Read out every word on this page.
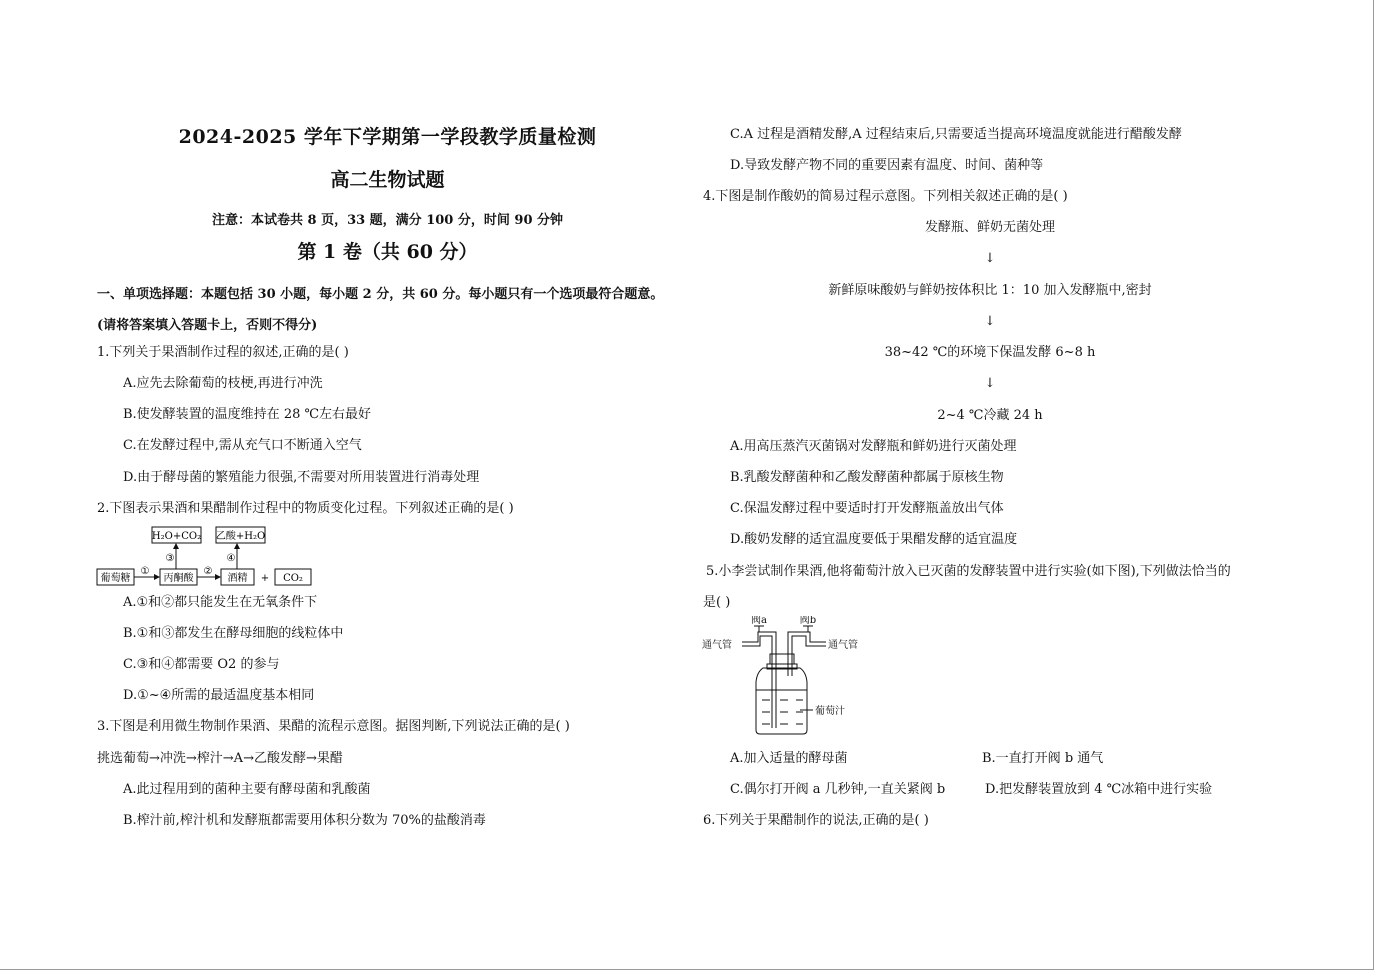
2024-2025 学年下学期第一学段教学质量检测
高二生物试题
注意：本试卷共 8 页，33 题，满分 100 分，时间 90 分钟
第 1 卷（共 60 分）
一、单项选择题：本题包括 30 小题，每小题 2 分，共 60 分。每小题只有一个选项最符合题意。
(请将答案填入答题卡上，否则不得分)
1.下列关于果酒制作过程的叙述,正确的是( )
A.应先去除葡萄的枝梗,再进行冲洗
B.使发酵装置的温度维持在 28 ℃左右最好
C.在发酵过程中,需从充气口不断通入空气
D.由于酵母菌的繁殖能力很强,不需要对所用装置进行消毒处理
2.下图表示果酒和果醋制作过程中的物质变化过程。下列叙述正确的是( )
H₂O+CO₂ 乙酸+H₂O
葡萄糖	丙酮酸	酒精 + CO₂
①	②
③	④
A.①和②都只能发生在无氧条件下
B.①和③都发生在酵母细胞的线粒体中
C.③和④都需要 O2 的参与
D.①~④所需的最适温度基本相同
3.下图是利用微生物制作果酒、果醋的流程示意图。据图判断,下列说法正确的是( )
挑选葡萄→冲洗→榨汁→A→乙酸发酵→果醋
A.此过程用到的菌种主要有酵母菌和乳酸菌
B.榨汁前,榨汁机和发酵瓶都需要用体积分数为 70%的盐酸消毒
C.A 过程是酒精发酵,A 过程结束后,只需要适当提高环境温度就能进行醋酸发酵
D.导致发酵产物不同的重要因素有温度、时间、菌种等
4.下图是制作酸奶的简易过程示意图。下列相关叙述正确的是( )
发酵瓶、鲜奶无菌处理
↓
新鲜原味酸奶与鲜奶按体积比 1：10 加入发酵瓶中,密封
↓
38~42 ℃的环境下保温发酵 6~8 h
↓
2~4 ℃冷藏 24 h
A.用高压蒸汽灭菌锅对发酵瓶和鲜奶进行灭菌处理
B.乳酸发酵菌种和乙酸发酵菌种都属于原核生物
C.保温发酵过程中要适时打开发酵瓶盖放出气体
D.酸奶发酵的适宜温度要低于果醋发酵的适宜温度
5.小李尝试制作果酒,他将葡萄汁放入已灭菌的发酵装置中进行实验(如下图),下列做法恰当的
是( )
阀a	阀b
通气管	通气管
葡萄汁
A.加入适量的酵母菌	B.一直打开阀 b 通气
C.偶尔打开阀 a 几秒钟,一直关紧阀 b	D.把发酵装置放到 4 ℃冰箱中进行实验
6.下列关于果醋制作的说法,正确的是( )
